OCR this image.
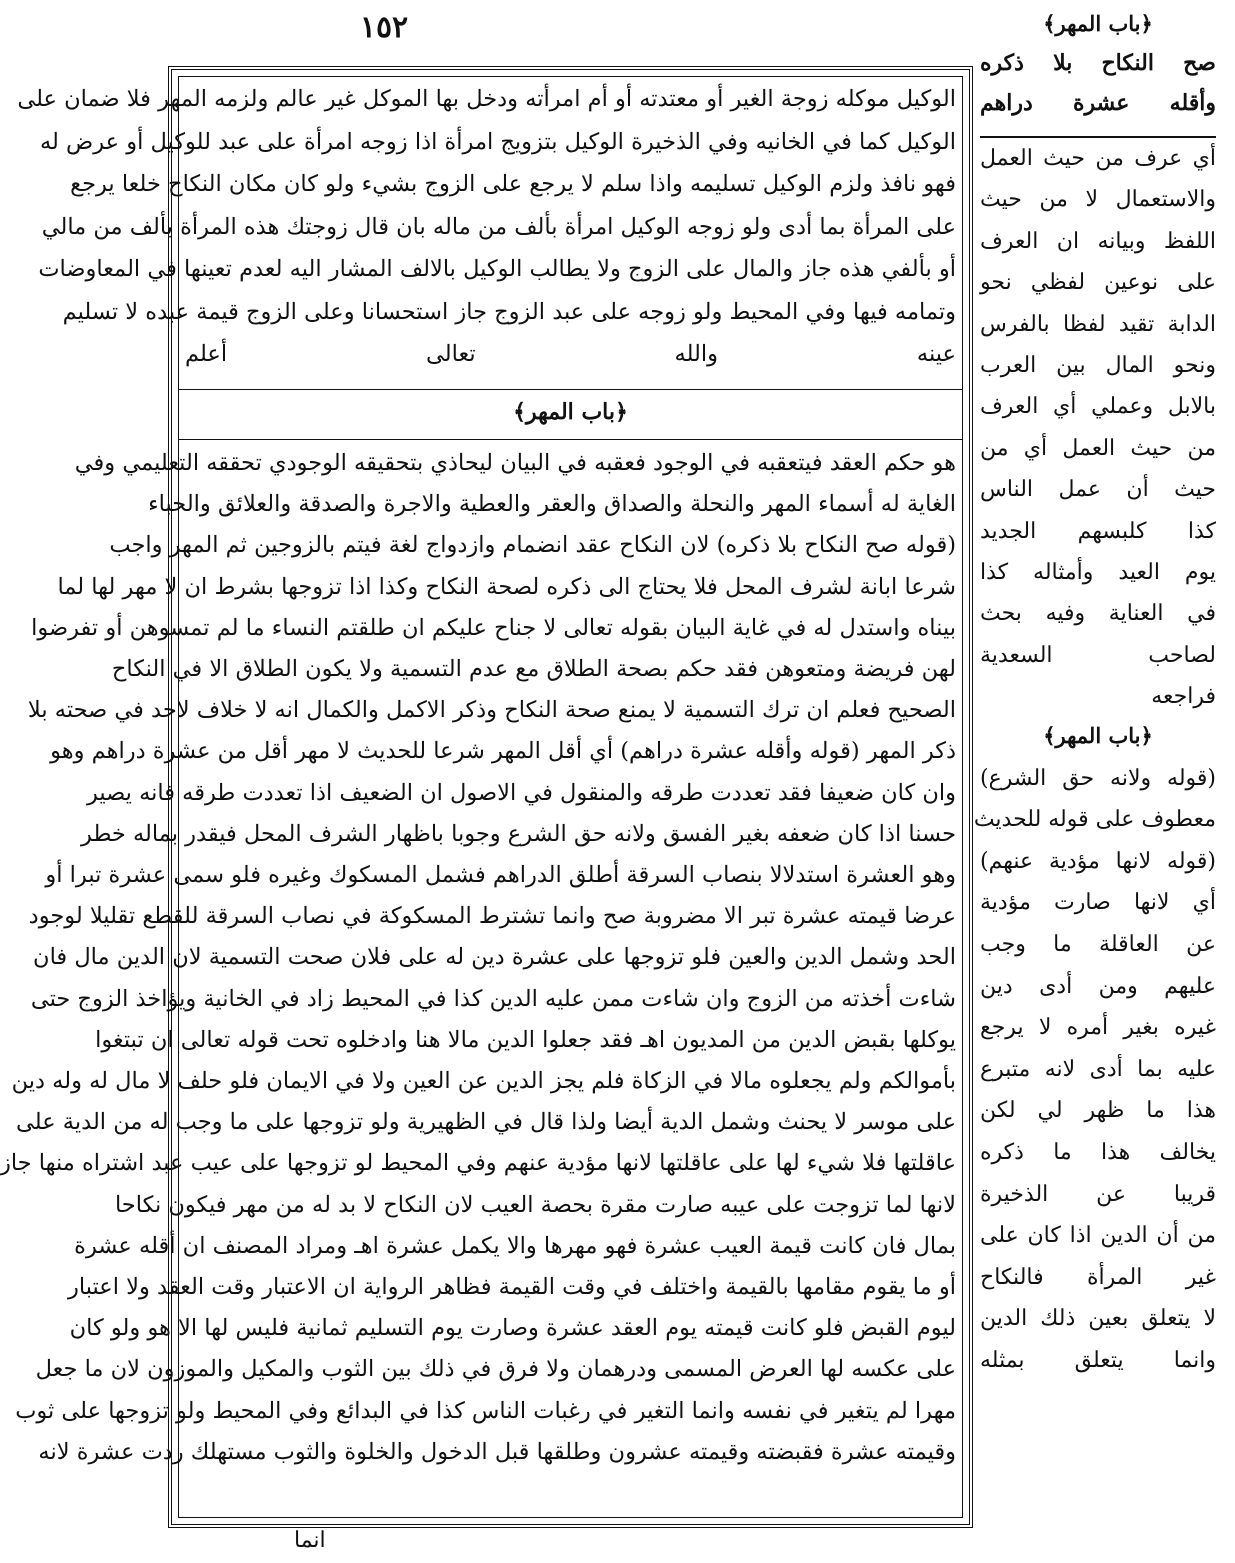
١٥٢
الوكيل موكله زوجة الغير أو معتدته أو أم امرأته ودخل بها الموكل غير عالم ولزمه المهر فلا ضمان على
الوكيل كما في الخانيه وفي الذخيرة الوكيل بتزويج امرأة اذا زوجه امرأة على عبد للوكيل أو عرض له
فهو نافذ ولزم الوكيل تسليمه واذا سلم لا يرجع على الزوج بشيء ولو كان مكان النكاح خلعا يرجع
على المرأة بما أدى ولو زوجه الوكيل امرأة بألف من ماله بان قال زوجتك هذه المرأة بألف من مالي
أو بألفي هذه جاز والمال على الزوج ولا يطالب الوكيل بالالف المشار اليه لعدم تعينها في المعاوضات
وتمامه فيها وفي المحيط ولو زوجه على عبد الزوج جاز استحسانا وعلى الزوج قيمة عبده لا تسليم
عينه والله تعالى أعلم
﴿باب المهر﴾
هو حكم العقد فيتعقبه في الوجود فعقبه في البيان ليحاذي بتحقيقه الوجودي تحققه التعليمي وفي
الغاية له أسماء المهر والنحلة والصداق والعقر والعطية والاجرة والصدقة والعلائق والحباء
(قوله صح النكاح بلا ذكره) لان النكاح عقد انضمام وازدواج لغة فيتم بالزوجين ثم المهر واجب
شرعا ابانة لشرف المحل فلا يحتاج الى ذكره لصحة النكاح وكذا اذا تزوجها بشرط ان لا مهر لها لما
بيناه واستدل له في غاية البيان بقوله تعالى لا جناح عليكم ان طلقتم النساء ما لم تمسوهن أو تفرضوا
لهن فريضة ومتعوهن فقد حكم بصحة الطلاق مع عدم التسمية ولا يكون الطلاق الا في النكاح
الصحيح فعلم ان ترك التسمية لا يمنع صحة النكاح وذكر الاكمل والكمال انه لا خلاف لاحد في صحته بلا
ذكر المهر (قوله وأقله عشرة دراهم) أي أقل المهر شرعا للحديث لا مهر أقل من عشرة دراهم وهو
وان كان ضعيفا فقد تعددت طرقه والمنقول في الاصول ان الضعيف اذا تعددت طرقه فانه يصير
حسنا اذا كان ضعفه بغير الفسق ولانه حق الشرع وجوبا باظهار الشرف المحل فيقدر بماله خطر
وهو العشرة استدلالا بنصاب السرقة أطلق الدراهم فشمل المسكوك وغيره فلو سمى عشرة تبرا أو
عرضا قيمته عشرة تبر الا مضروبة صح وانما تشترط المسكوكة في نصاب السرقة للقطع تقليلا لوجود
الحد وشمل الدين والعين فلو تزوجها على عشرة دين له على فلان صحت التسمية لان الدين مال فان
شاءت أخذته من الزوج وان شاءت ممن عليه الدين كذا في المحيط زاد في الخانية ويؤاخذ الزوج حتى
يوكلها بقبض الدين من المديون اهـ فقد جعلوا الدين مالا هنا وادخلوه تحت قوله تعالى ان تبتغوا
بأموالكم ولم يجعلوه مالا في الزكاة فلم يجز الدين عن العين ولا في الايمان فلو حلف لا مال له وله دين
على موسر لا يحنث وشمل الدية أيضا ولذا قال في الظهيرية ولو تزوجها على ما وجب له من الدية على
عاقلتها فلا شيء لها على عاقلتها لانها مؤدية عنهم وفي المحيط لو تزوجها على عيب عبد اشتراه منها جاز
لانها لما تزوجت على عيبه صارت مقرة بحصة العيب لان النكاح لا بد له من مهر فيكون نكاحا
بمال فان كانت قيمة العيب عشرة فهو مهرها والا يكمل عشرة اهـ ومراد المصنف ان أقله عشرة
أو ما يقوم مقامها بالقيمة واختلف في وقت القيمة فظاهر الرواية ان الاعتبار وقت العقد ولا اعتبار
ليوم القبض فلو كانت قيمته يوم العقد عشرة وصارت يوم التسليم ثمانية فليس لها الا هو ولو كان
على عكسه لها العرض المسمى ودرهمان ولا فرق في ذلك بين الثوب والمكيل والموزون لان ما جعل
مهرا لم يتغير في نفسه وانما التغير في رغبات الناس كذا في البدائع وفي المحيط ولو تزوجها على ثوب
وقيمته عشرة فقبضته وقيمته عشرون وطلقها قبل الدخول والخلوة والثوب مستهلك ردت عشرة لانه
﴿باب المهر﴾
صح النكاح بلا ذكره
وأقله عشرة دراهم
أي عرف من حيث العمل
والاستعمال لا من حيث
اللفظ وبيانه ان العرف
على نوعين لفظي نحو
الدابة تقيد لفظا بالفرس
ونحو المال بين العرب
بالابل وعملي أي العرف
من حيث العمل أي من
حيث أن عمل الناس
كذا كلبسهم الجديد
يوم العيد وأمثاله كذا
في العناية وفيه بحث
لصاحب السعدية
فراجعه
﴿باب المهر﴾
(قوله ولانه حق الشرع)
معطوف على قوله للحديث
(قوله لانها مؤدية عنهم)
أي لانها صارت مؤدية
عن العاقلة ما وجب
عليهم ومن أدى دين
غيره بغير أمره لا يرجع
عليه بما أدى لانه متبرع
هذا ما ظهر لي لكن
يخالف هذا ما ذكره
قريبا عن الذخيرة
من أن الدين اذا كان على
غير المرأة فالنكاح
لا يتعلق بعين ذلك الدين
وانما يتعلق بمثله
انما
